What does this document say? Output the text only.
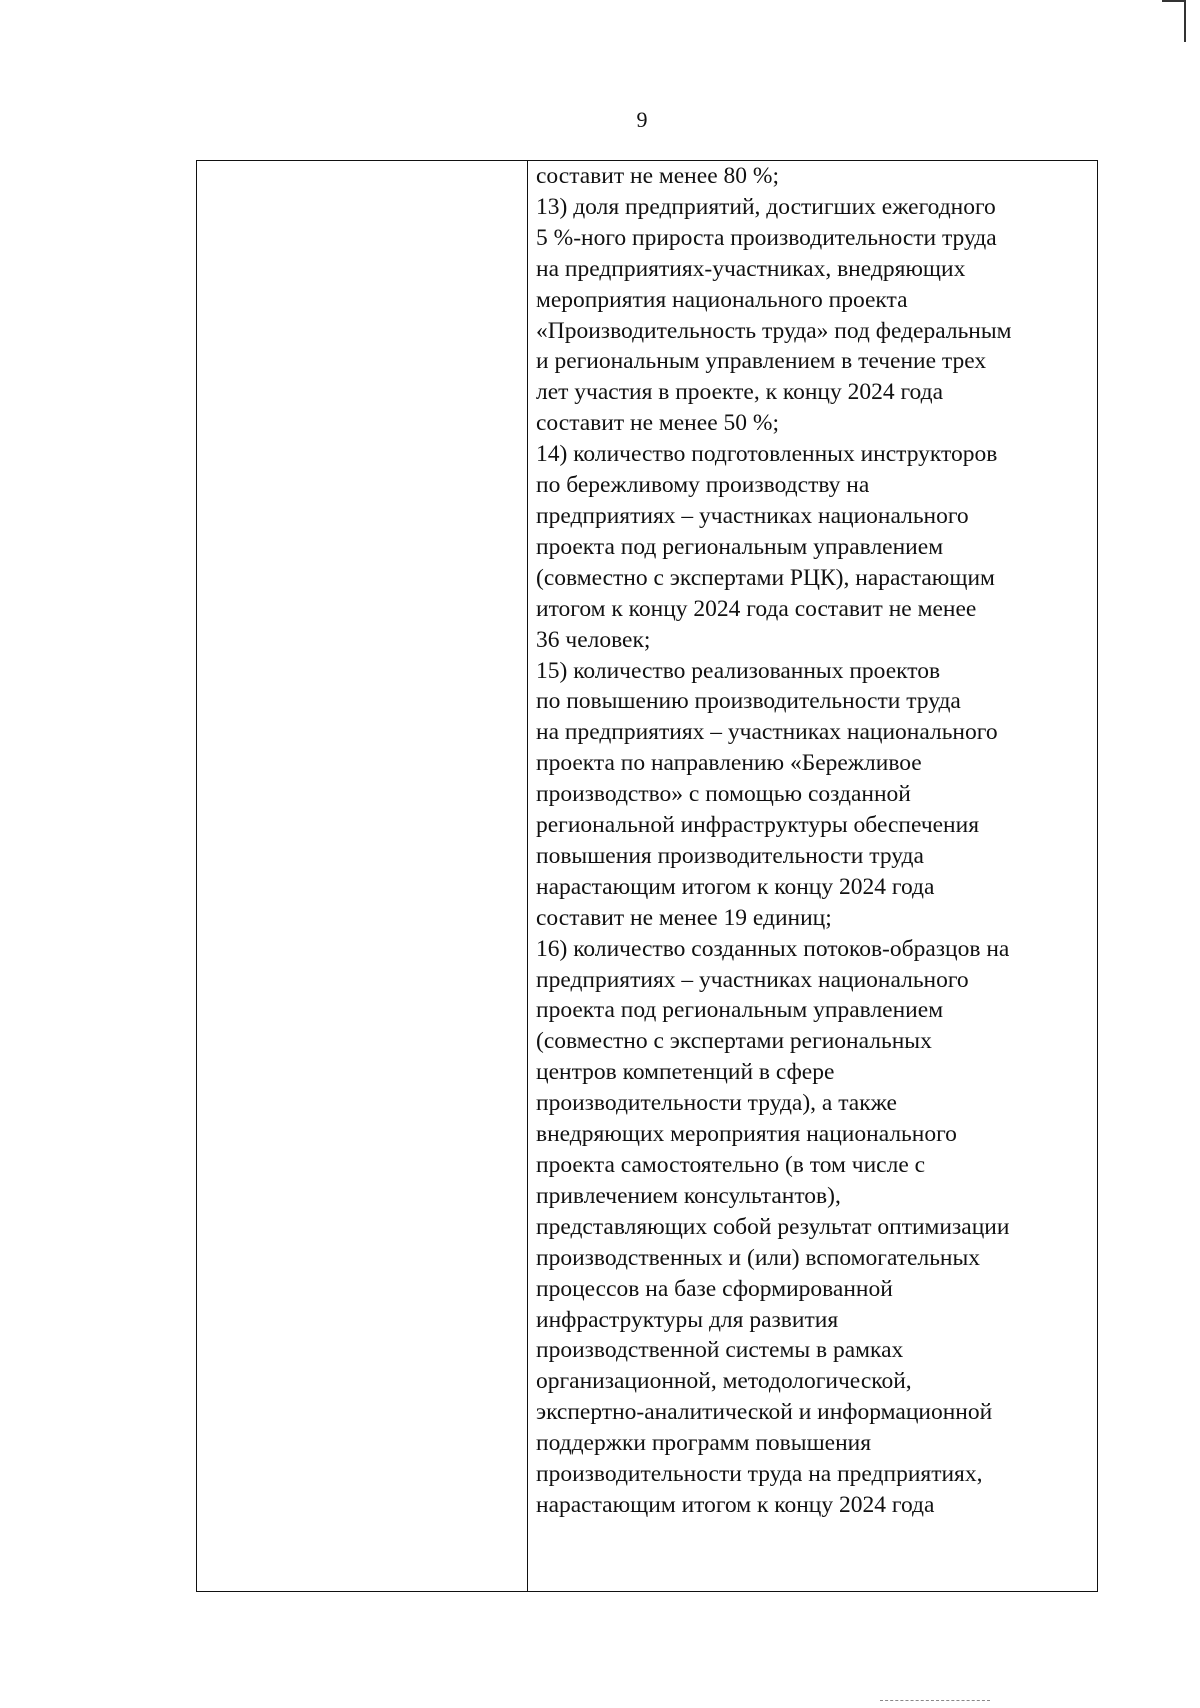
9
составит не менее 80 %;
13) доля предприятий, достигших ежегодного
5 %-ного прироста производительности труда
на предприятиях-участниках, внедряющих
мероприятия национального проекта
«Производительность труда» под федеральным
и региональным управлением в течение трех
лет участия в проекте, к концу 2024 года
составит не менее 50 %;
14) количество подготовленных инструкторов
по бережливому производству на
предприятиях – участниках национального
проекта под региональным управлением
(совместно с экспертами РЦК), нарастающим
итогом к концу 2024 года составит не менее
36 человек;
15) количество реализованных проектов
по повышению производительности труда
на предприятиях – участниках национального
проекта по направлению «Бережливое
производство» с помощью созданной
региональной инфраструктуры обеспечения
повышения производительности труда
нарастающим итогом к концу 2024 года
составит не менее 19 единиц;
16) количество созданных потоков-образцов на
предприятиях – участниках национального
проекта под региональным управлением
(совместно с экспертами региональных
центров компетенций в сфере
производительности труда), а также
внедряющих мероприятия национального
проекта самостоятельно (в том числе с
привлечением консультантов),
представляющих собой результат оптимизации
производственных и (или) вспомогательных
процессов на базе сформированной
инфраструктуры для развития
производственной системы в рамках
организационной, методологической,
экспертно-аналитической и информационной
поддержки программ повышения
производительности труда на предприятиях,
нарастающим итогом к концу 2024 года
